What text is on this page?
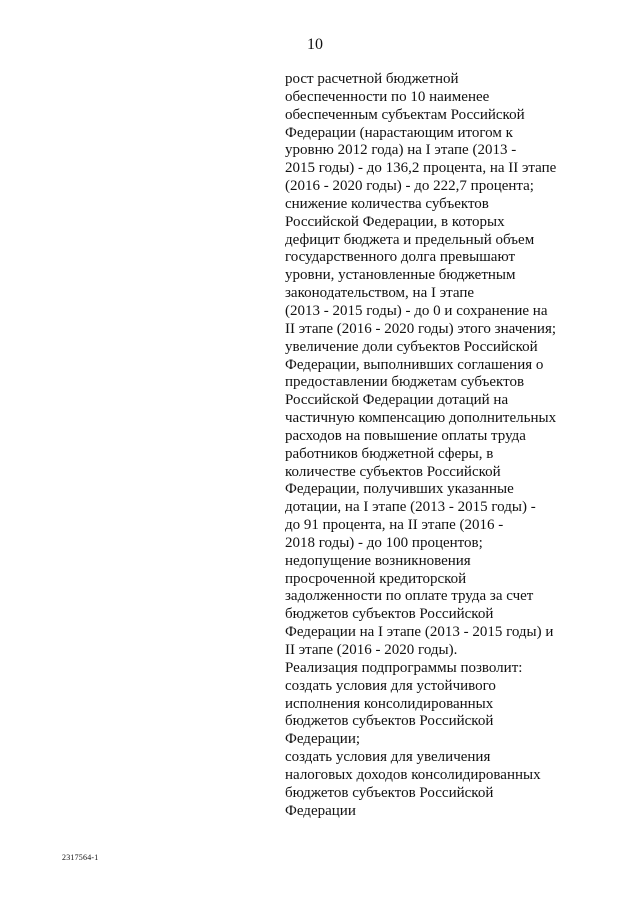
10
рост расчетной бюджетной
обеспеченности по 10 наименее
обеспеченным субъектам Российской
Федерации (нарастающим итогом к
уровню 2012 года) на I этапе (2013 -
2015 годы) - до 136,2 процента, на II этапе
(2016 - 2020 годы) - до 222,7 процента;
снижение количества субъектов
Российской Федерации, в которых
дефицит бюджета и предельный объем
государственного долга превышают
уровни, установленные бюджетным
законодательством, на I этапе
(2013 - 2015 годы) - до 0 и сохранение на
II этапе (2016 - 2020 годы) этого значения;
увеличение доли субъектов Российской
Федерации, выполнивших соглашения о
предоставлении бюджетам субъектов
Российской Федерации дотаций на
частичную компенсацию дополнительных
расходов на повышение оплаты труда
работников бюджетной сферы, в
количестве субъектов Российской
Федерации, получивших указанные
дотации, на I этапе (2013 - 2015 годы) -
до 91 процента, на II этапе (2016 -
2018 годы) - до 100 процентов;
недопущение возникновения
просроченной кредиторской
задолженности по оплате труда за счет
бюджетов субъектов Российской
Федерации на I этапе (2013 - 2015 годы) и
II этапе (2016 - 2020 годы).
Реализация подпрограммы позволит:
создать условия для устойчивого
исполнения консолидированных
бюджетов субъектов Российской
Федерации;
создать условия для увеличения
налоговых доходов консолидированных
бюджетов субъектов Российской
Федерации
2317564-1
